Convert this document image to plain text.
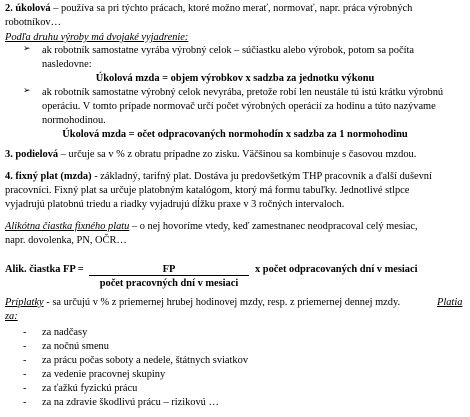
2. úkolová – používa sa pri týchto prácach, ktoré možno merať, normovať, napr. práca výrobných
robotníkov…
Podľa druhu výroby má dvojaké vyjadrenie:
➢ ak robotník samostatne vyrába výrobný celok – súčiastku alebo výrobok, potom sa počíta
nasledovne:
Úkolová mzda = objem výrobkov x sadzba za jednotku výkonu
➢ ak robotník samostatne výrobný celok nevyrába, pretože robí len neustále tú istú krátku výrobnú
operáciu. V tomto prípade normovač určí počet výrobných operácií za hodinu a túto nazývame
normohodinou.
Úkolová mzda = očet odpracovaných normohodín x sadzba za 1 normohodinu
3. podielová – určuje sa v % z obratu prípadne zo zisku. Väčšinou sa kombinuje s časovou mzdou.
4. fixný plat (mzda) - základný, tarifný plat. Dostáva ju predovšetkým THP pracovník a ďalší duševní
pracovníci. Fixný plat sa určuje platobným katalógom, ktorý má formu tabuľky. Jednotlivé stlpce
vyjadrujú platobnú triedu a riadky vyjadrujú dĺžku praxe v 3 ročných intervaloch.
Alikótna čiastka fixného platu – o nej hovoríme vtedy, keď zamestnanec neodpracoval celý mesiac,
napr. dovolenka, PN, OČR…
Alik. čiastka FP =	FP	x počet odpracovaných dní v mesiaci
počet pracovných dní v mesiaci
Príplatky - sa určujú v % z priemernej hrubej hodinovej mzdy, resp. z priemernej dennej mzdy.	Platia
za:
- za nadčasy
- za nočnú smenu
- za prácu počas soboty a nedele, štátnych sviatkov
- za vedenie pracovnej skupiny
- za ťažkú fyzickú prácu
- za na zdravie škodlivú prácu – rizikovú …
